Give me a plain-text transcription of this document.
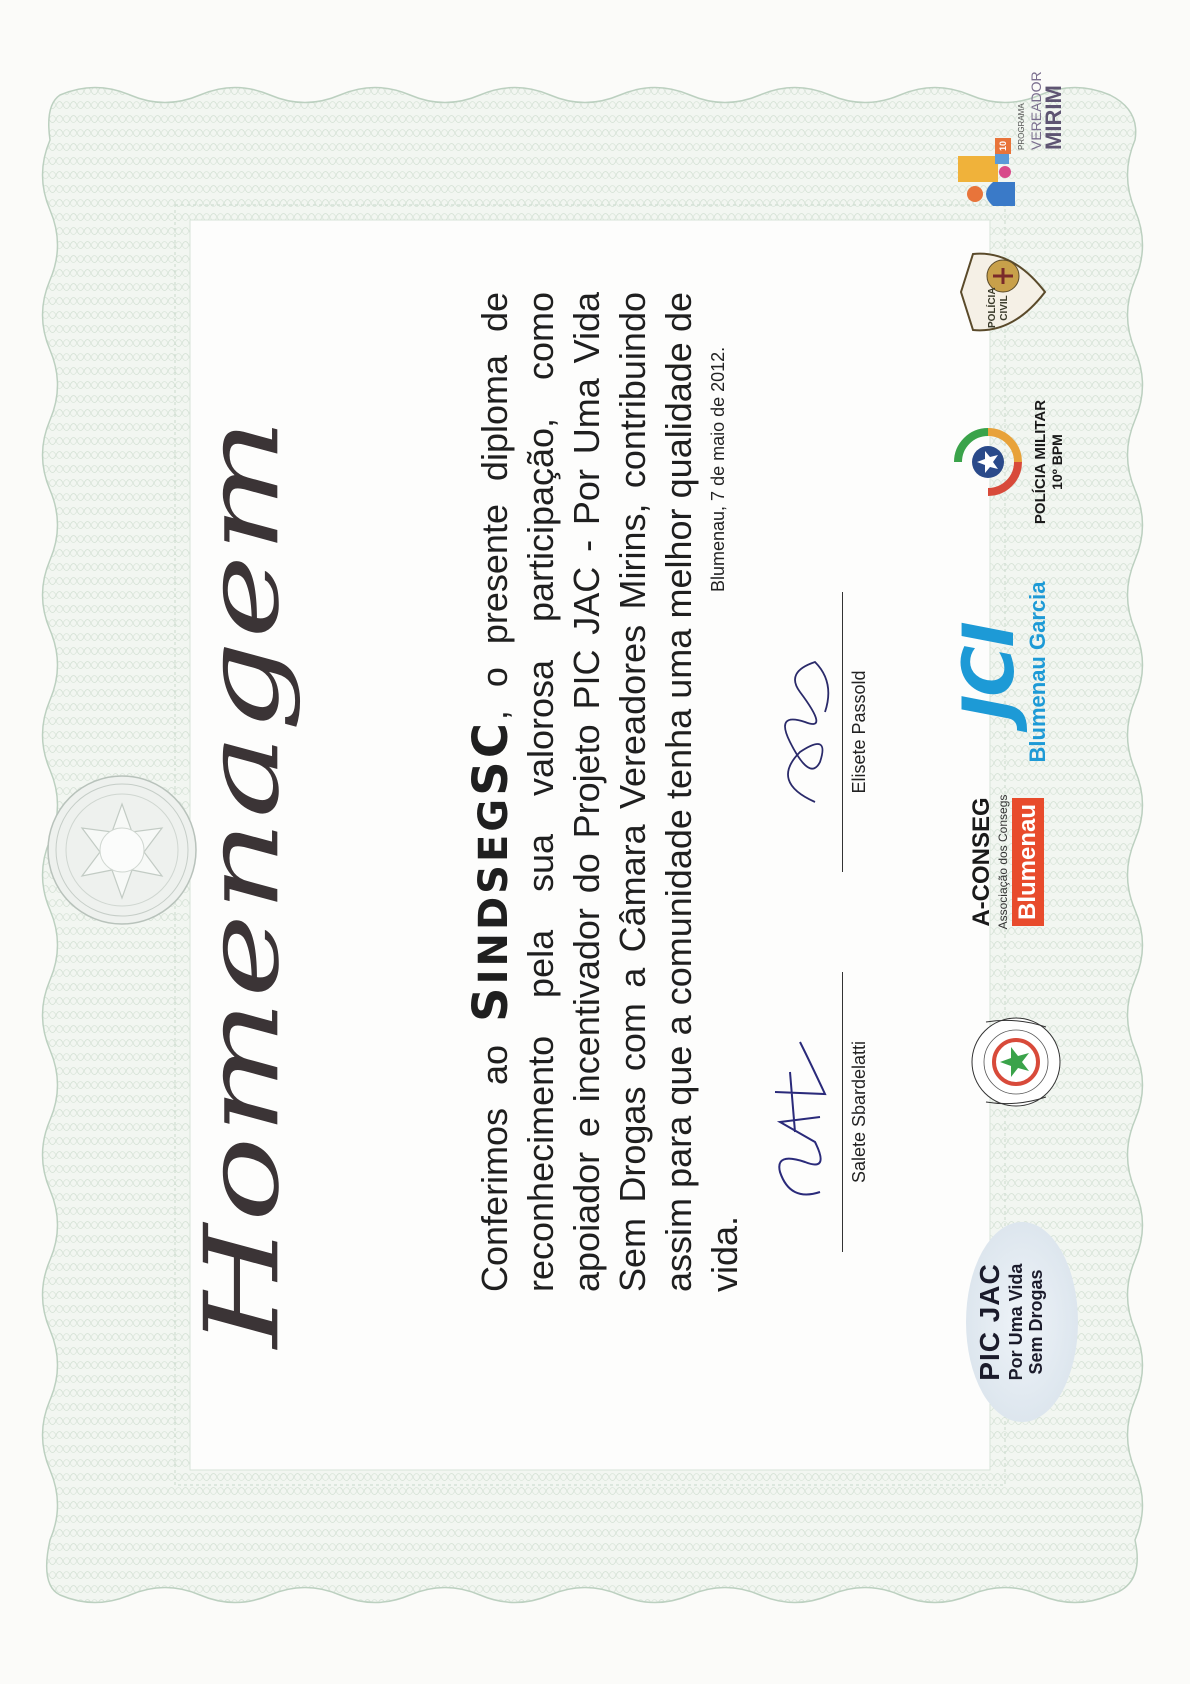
Homenagem	Conferimos ao SINDSEGSC, o presente diploma de reconhecimento pela sua valorosa participação, como apoiador e incentivador do Projeto PIC JAC - Por Uma Vida Sem Drogas com a Câmara Vereadores Mirins, contribuindo assim para que a comunidade tenha uma melhor qualidade de vida.
Blumenau, 7 de maio de 2012.
Salete Sbardelatti
Elisete Passold
PIC JAC Por Uma Vida Sem Drogas
A-CONSEG Associação dos Consegs Blumenau
JCI
Blumenau Garcia
POLÍCIA MILITAR 10º BPM
POLÍCIA CIVIL
10	PROGRAMA VEREADOR
MIRIM
